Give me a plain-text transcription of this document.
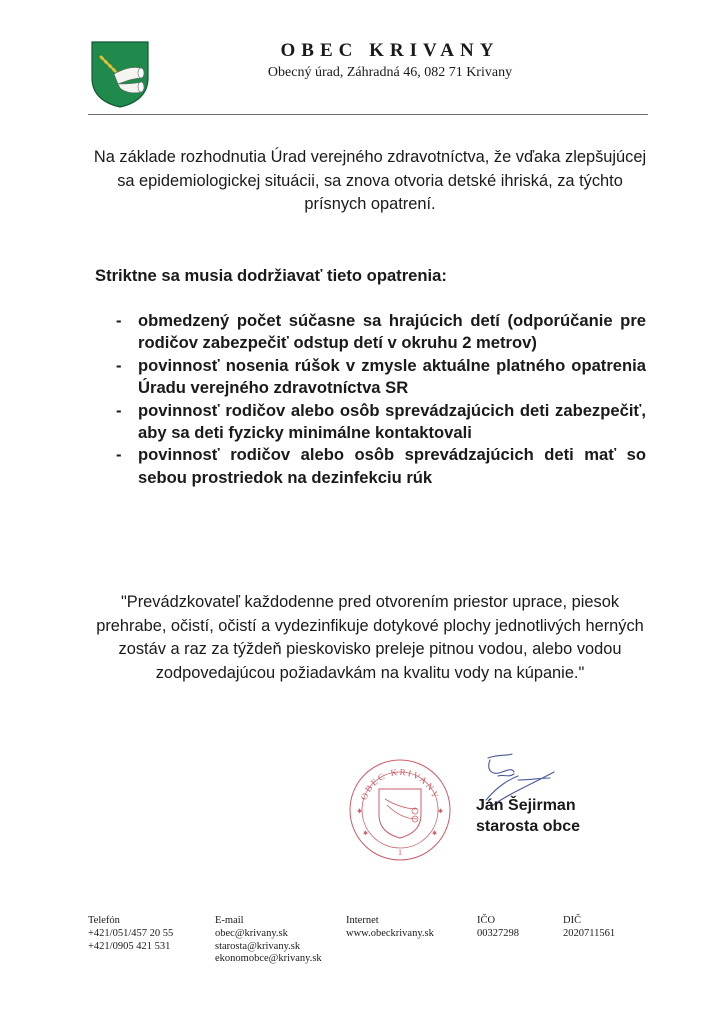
OBEC KRIVANY
Obecný úrad, Záhradná 46, 082 71 Krivany
Na základe rozhodnutia Úrad verejného zdravotníctva, že vďaka zlepšujúcej sa epidemiologickej situácii, sa znova otvoria detské ihriská, za týchto prísnych opatrení.
Striktne sa musia dodržiavať tieto opatrenia:
- obmedzený počet súčasne sa hrajúcich detí (odporúčanie pre rodičov zabezpečiť odstup detí v okruhu 2 metrov)
- povinnosť nosenia rúšok v zmysle aktuálne platného opatrenia Úradu verejného zdravotníctva SR
- povinnosť rodičov alebo osôb sprevádzajúcich deti zabezpečiť, aby sa deti fyzicky minimálne kontaktovali
- povinnosť rodičov alebo osôb sprevádzajúcich deti mať so sebou prostriedok na dezinfekciu rúk
"Prevádzkovateľ každodenne pred otvorením priestor uprace, piesok prehrabe, očistí, očistí a vydezinfikuje dotykové plochy jednotlivých herných zostáv a raz za týždeň pieskovisko preleje pitnou vodou, alebo vodou zodpovedajúcou požiadavkám na kvalitu vody na kúpanie."
OBEC KRIVANY
✱	✱
✱	✱
1
Ján Šejirman
starosta obce
Telefón
+421/051/457 20 55
+421/0905 421 531
E-mail
obec@krivany.sk
starosta@krivany.sk
ekonomobce@krivany.sk
Internet
www.obeckrivany.sk
IČO
00327298
DIČ
2020711561
